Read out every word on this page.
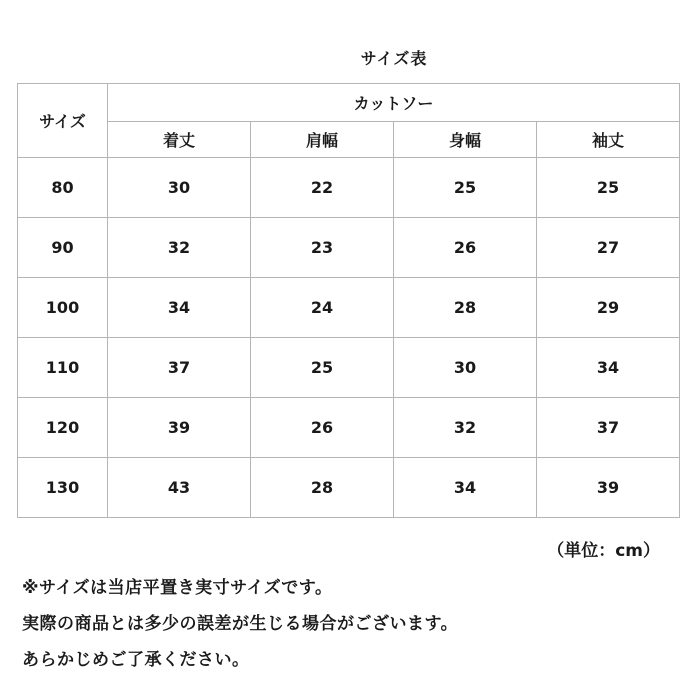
サイズ表
サイズ	カットソー			
	着丈	肩幅	身幅	袖丈
80	30	22	25	25
90	32	23	26	27
100	34	24	28	29
110	37	25	30	34
120	39	26	32	37
130	43	28	34	39
（単位：cm）
※サイズは当店平置き実寸サイズです。
実際の商品とは多少の誤差が生じる場合がございます。
あらかじめご了承ください。
